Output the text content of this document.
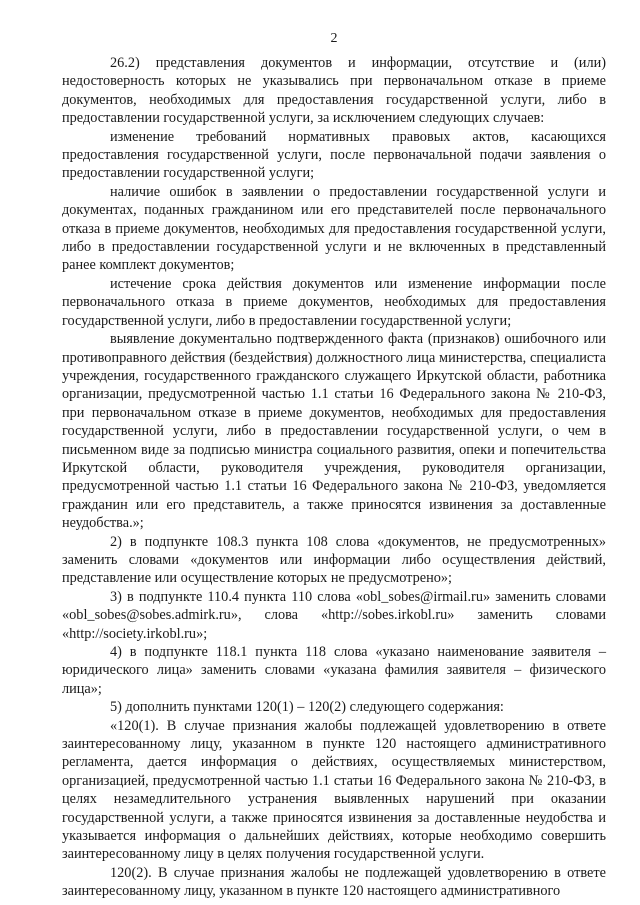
2

26.2) представления документов и информации, отсутствие и (или) недостоверность которых не указывались при первоначальном отказе в приеме документов, необходимых для предоставления государственной услуги, либо в предоставлении государственной услуги, за исключением следующих случаев:

изменение требований нормативных правовых актов, касающихся предоставления государственной услуги, после первоначальной подачи заявления о предоставлении государственной услуги;

наличие ошибок в заявлении о предоставлении государственной услуги и документах, поданных гражданином или его представителей после первоначального отказа в приеме документов, необходимых для предоставления государственной услуги, либо в предоставлении государственной услуги и не включенных в представленный ранее комплект документов;

истечение срока действия документов или изменение информации после первоначального отказа в приеме документов, необходимых для предоставления государственной услуги, либо в предоставлении государственной услуги;

выявление документально подтвержденного факта (признаков) ошибочного или противоправного действия (бездействия) должностного лица министерства, специалиста учреждения, государственного гражданского служащего Иркутской области, работника организации, предусмотренной частью 1.1 статьи 16 Федерального закона № 210-ФЗ, при первоначальном отказе в приеме документов, необходимых для предоставления государственной услуги, либо в предоставлении государственной услуги, о чем в письменном виде за подписью министра социального развития, опеки и попечительства Иркутской области, руководителя учреждения, руководителя организации, предусмотренной частью 1.1 статьи 16 Федерального закона № 210-ФЗ, уведомляется гражданин или его представитель, а также приносятся извинения за доставленные неудобства.»;

2) в подпункте 108.3 пункта 108 слова «документов, не предусмотренных» заменить словами «документов или информации либо осуществления действий, представление или осуществление которых не предусмотрено»;

3) в подпункте 110.4 пункта 110 слова «obl_sobes@irmail.ru» заменить словами «obl_sobes@sobes.admirk.ru», слова «http://sobes.irkobl.ru» заменить словами «http://society.irkobl.ru»;

4) в подпункте 118.1 пункта 118 слова «указано наименование заявителя – юридического лица» заменить словами «указана фамилия заявителя – физического лица»;

5) дополнить пунктами 120(1) – 120(2) следующего содержания:

«120(1). В случае признания жалобы подлежащей удовлетворению в ответе заинтересованному лицу, указанном в пункте 120 настоящего административного регламента, дается информация о действиях, осуществляемых министерством, организацией, предусмотренной частью 1.1 статьи 16 Федерального закона № 210-ФЗ, в целях незамедлительного устранения выявленных нарушений при оказании государственной услуги, а также приносятся извинения за доставленные неудобства и указывается информация о дальнейших действиях, которые необходимо совершить заинтересованному лицу в целях получения государственной услуги.

120(2). В случае признания жалобы не подлежащей удовлетворению в ответе заинтересованному лицу, указанном в пункте 120 настоящего административного
